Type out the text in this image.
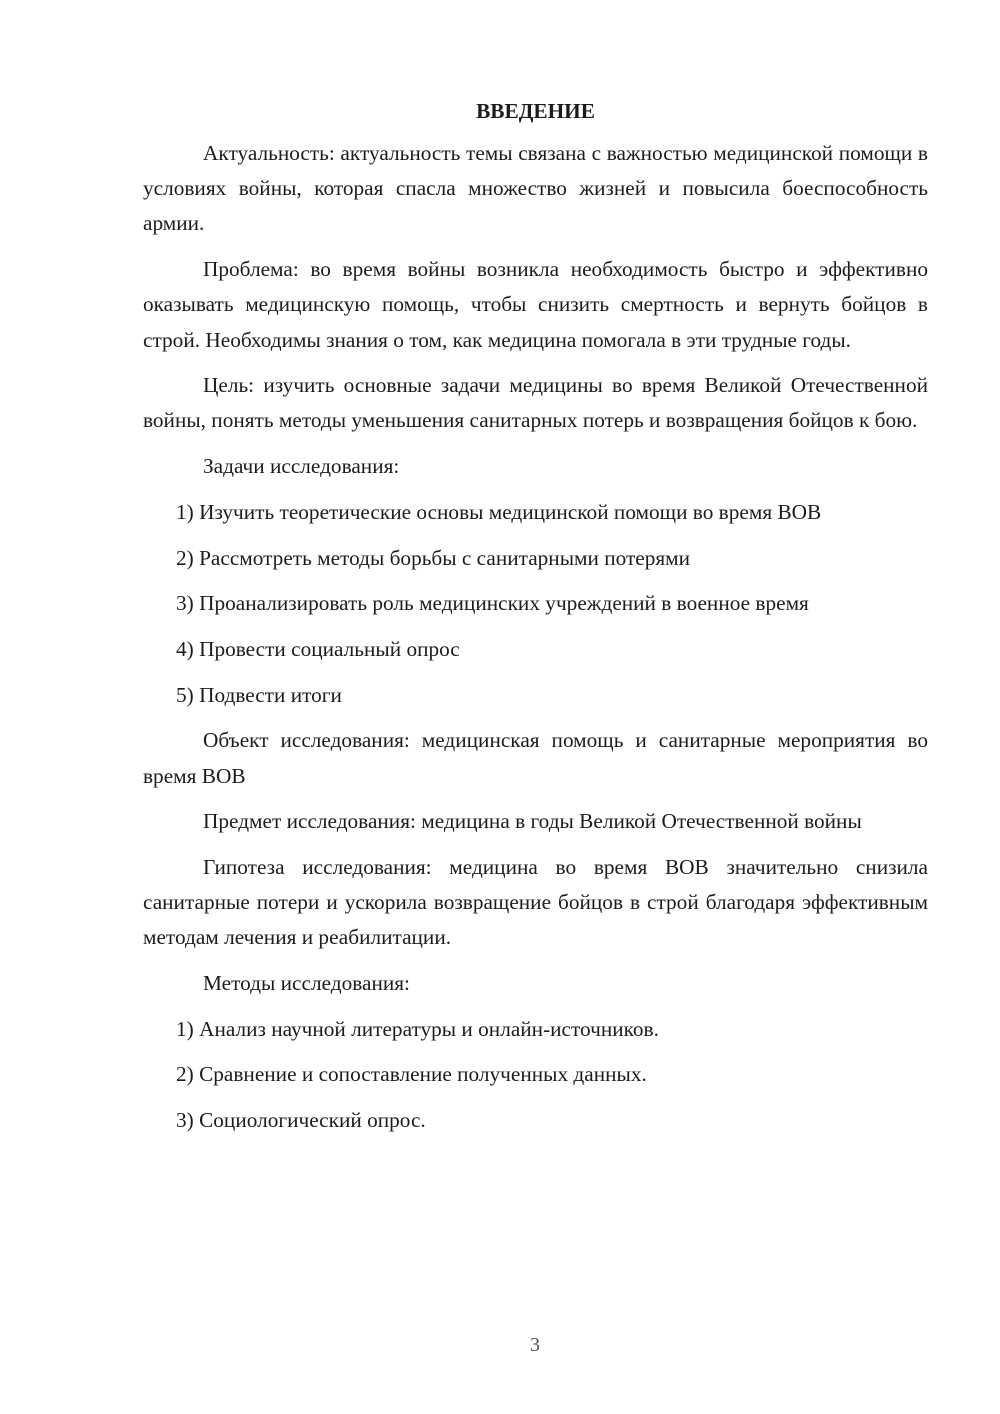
ВВЕДЕНИЕ

Актуальность: актуальность темы связана с важностью медицинской помощи в условиях войны, которая спасла множество жизней и повысила боеспособность армии.

Проблема: во время войны возникла необходимость быстро и эффективно оказывать медицинскую помощь, чтобы снизить смертность и вернуть бойцов в строй. Необходимы знания о том, как медицина помогала в эти трудные годы.

Цель: изучить основные задачи медицины во время Великой Отечественной войны, понять методы уменьшения санитарных потерь и возвращения бойцов к бою.

Задачи исследования:

1) Изучить теоретические основы медицинской помощи во время ВОВ
2) Рассмотреть методы борьбы с санитарными потерями
3) Проанализировать роль медицинских учреждений в военное время
4) Провести социальный опрос
5) Подвести итоги

Объект исследования: медицинская помощь и санитарные мероприятия во время ВОВ

Предмет исследования: медицина в годы Великой Отечественной войны

Гипотеза исследования: медицина во время ВОВ значительно снизила санитарные потери и ускорила возвращение бойцов в строй благодаря эффективным методам лечения и реабилитации.

Методы исследования:

1) Анализ научной литературы и онлайн-источников.
2) Сравнение и сопоставление полученных данных.
3) Социологический опрос.
3
